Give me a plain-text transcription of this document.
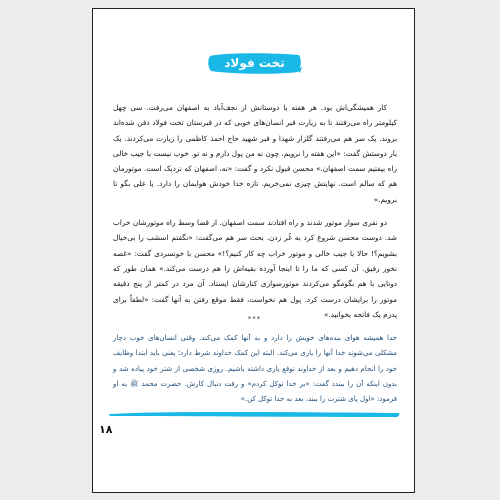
تخت فولاد

کار همیشگی‌اش بود. هر هفته با دوستانش از نجف‌آباد به اصفهان می‌رفت. سی چهل کیلومتر راه می‌رفتند تا به زیارت قبر انسان‌های خوبی که در قبرستان تخت فولاد دفن شده‌اند بروند. یک سر هم می‌رفتند گلزار شهدا و قبر شهید حاج احمد کاظمی را زیارت می‌کردند. یک بار دوستش گفت: «این هفته را نرویم، چون نه من پول دارم و نه تو. خوب نیست با جیب خالی راه بیفتیم سمت اصفهان.» محسن قبول نکرد و گفت: «نه، اصفهان که نزدیک است. موتورمان هم که سالم است. نهایتش چیزی نمی‌خریم. تازه خدا خودش هوایمان را دارد. یا علی بگو تا برویم.»

دو نفری سوار موتور شدند و راه افتادند سمت اصفهان. از قضا وسط راه موتورشان خراب شد. دوست محسن شروع کرد به غُر زدن. بحث سر هم می‌گفت: «نگفتم اسشب را بی‌خیال بشویم؟! حالا با جیب خالی و موتور خراب چه کار کنیم؟!» محسن با خونسردی گفت: «غصه نخور رفیق. آن کسی که ما را تا اینجا آورده بقیه‌اش را هم درست می‌کند.» همان طور که دوتایی با هم بگومگو می‌کردند موتورسواری کنارشان ایستاد. آن مرد در کمتر از پنج دقیقه موتور را برایشان درست کرد. پول هم نخواست، فقط موقع رفتن به آنها گفت: «لطفاً برای پدرم یک فاتحه بخوانید.»

***

خدا همیشه هوای بنده‌های خویش را دارد و به آنها کمک می‌کند. وقتی انسان‌های خوب دچار مشکلی می‌شوند خدا آنها را یاری می‌کند. البته این کمک خداوند شرط دارد؛ یعنی باید ابتدا وظایف خود را انجام دهیم و بعد از خداوند توقع یاری داشته باشیم. روزی شخصی از شتر خود پیاده شد و بدون اینکه آن را ببندد گفت: «بر خدا توکل کردم» و رفت دنبال کارش. حضرت محمد ﷺ به او فرمود: «اول پای شترت را ببند، بعد به خدا توکل کن.»

۱۸
